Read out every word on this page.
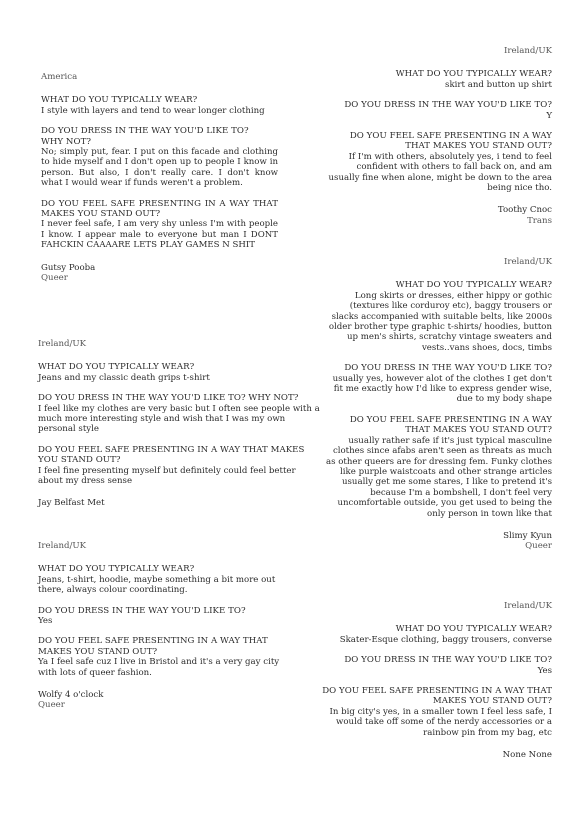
America
WHAT DO YOU TYPICALLY WEAR?
I style with layers and tend to wear longer clothing
DO YOU DRESS IN THE WAY YOU'D LIKE TO?
WHY NOT?
No; simply put, fear. I put on this facade and clothing to hide myself and I don't open up to people I know in person. But also, I don't really care. I don't know what I would wear if funds weren't a problem.
DO YOU FEEL SAFE PRESENTING IN A WAY THAT MAKES YOU STAND OUT?
I never feel safe, I am very shy unless I'm with people I know. I appear male to everyone but man I DONT FAHCKIN CAAAARE LETS PLAY GAMES N SHIT
Gutsy Pooba
Queer
Ireland/UK
WHAT DO YOU TYPICALLY WEAR?
Jeans and my classic death grips t-shirt
DO YOU DRESS IN THE WAY YOU'D LIKE TO? WHY NOT?
I feel like my clothes are very basic but I often see people with a much more interesting style and wish that I was my own personal style
DO YOU FEEL SAFE PRESENTING IN A WAY THAT MAKES YOU STAND OUT?
I feel fine presenting myself but definitely could feel better about my dress sense
Jay Belfast Met
Ireland/UK
WHAT DO YOU TYPICALLY WEAR?
Jeans, t-shirt, hoodie, maybe something a bit more out there, always colour coordinating.
DO YOU DRESS IN THE WAY YOU'D LIKE TO?
Yes
DO YOU FEEL SAFE PRESENTING IN A WAY THAT MAKES YOU STAND OUT?
Ya I feel safe cuz I live in Bristol and it's a very gay city with lots of queer fashion.
Wolfy 4 o'clock
Queer
Ireland/UK
WHAT DO YOU TYPICALLY WEAR?
skirt and button up shirt
DO YOU DRESS IN THE WAY YOU'D LIKE TO?
Y
DO YOU FEEL SAFE PRESENTING IN A WAY THAT MAKES YOU STAND OUT?
If I'm with others, absolutely yes, i tend to feel confident with others to fall back on, and am usually fine when alone, might be down to the area being nice tho.
Toothy Cnoc
Trans
Ireland/UK
WHAT DO YOU TYPICALLY WEAR?
Long skirts or dresses, either hippy or gothic (textures like corduroy etc), baggy trousers or slacks accompanied with suitable belts, like 2000s older brother type graphic t-shirts/ hoodies, button up men's shirts, scratchy vintage sweaters and vests..vans shoes, docs, timbs
DO YOU DRESS IN THE WAY YOU'D LIKE TO?
usually yes, however alot of the clothes I get don't fit me exactly how I'd like to express gender wise, due to my body shape
DO YOU FEEL SAFE PRESENTING IN A WAY THAT MAKES YOU STAND OUT?
usually rather safe if it's just typical masculine clothes since afabs aren't seen as threats as much as other queers are for dressing fem. Funky clothes like purple waistcoats and other strange articles usually get me some stares, I like to pretend it's because I'm a bombshell, I don't feel very uncomfortable outside, you get used to being the only person in town like that
Slimy Kyun
Queer
Ireland/UK
WHAT DO YOU TYPICALLY WEAR?
Skater-Esque clothing, baggy trousers, converse
DO YOU DRESS IN THE WAY YOU'D LIKE TO?
Yes
DO YOU FEEL SAFE PRESENTING IN A WAY THAT MAKES YOU STAND OUT?
In big city's yes, in a smaller town I feel less safe, I would take off some of the nerdy accessories or a rainbow pin from my bag, etc
None None
